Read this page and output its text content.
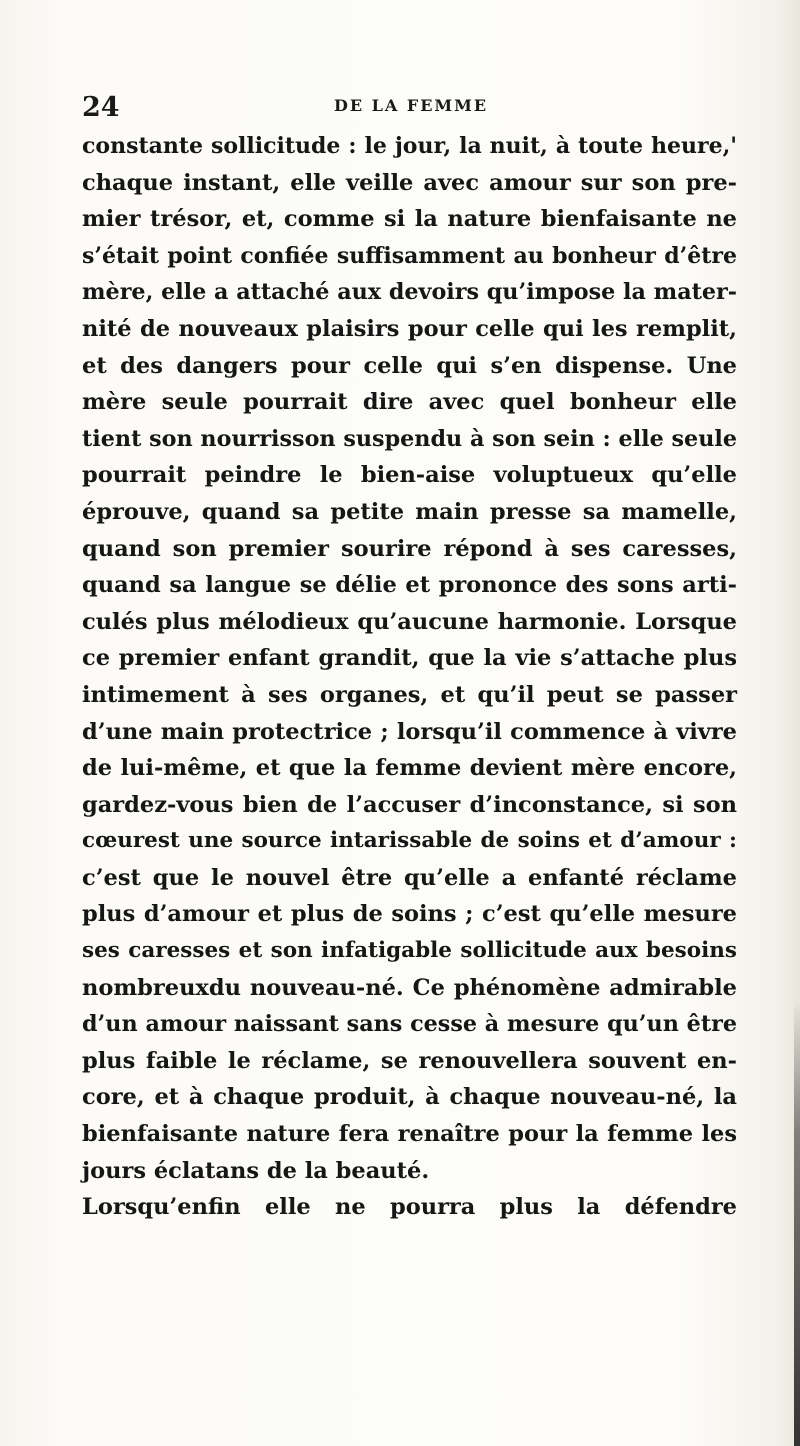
24	DE LA FEMME
constante sollicitude : le jour, la nuit, à toute heure,'
chaque instant, elle veille avec amour sur son pre-
mier trésor, et, comme si la nature bienfaisante ne
s’était point confiée suffisamment au bonheur d’être
mère, elle a attaché aux devoirs qu’impose la mater-
nité de nouveaux plaisirs pour celle qui les remplit,
et des dangers pour celle qui s’en dispense. Une
mère seule pourrait dire avec quel bonheur elle
tient son nourrisson suspendu à son sein : elle seule
pourrait peindre le bien-aise voluptueux qu’elle
éprouve, quand sa petite main presse sa mamelle,
quand son premier sourire répond à ses caresses,
quand sa langue se délie et prononce des sons arti-
culés plus mélodieux qu’aucune harmonie. Lorsque
ce premier enfant grandit, que la vie s’attache plus
intimement à ses organes, et qu’il peut se passer
d’une main protectrice ; lorsqu’il commence à vivre
de lui-même, et que la femme devient mère encore,
gardez-vous bien de l’accuser d’inconstance, si son
cœurest une source intarissable de soins et d’amour :
c’est que le nouvel être qu’elle a enfanté réclame
plus d’amour et plus de soins ; c’est qu’elle mesure
ses caresses et son infatigable sollicitude aux besoins
nombreuxdu nouveau-né. Ce phénomène admirable
d’un amour naissant sans cesse à mesure qu’un être
plus faible le réclame, se renouvellera souvent en-
core, et à chaque produit, à chaque nouveau-né, la
bienfaisante nature fera renaître pour la femme les
jours éclatans de la beauté.
Lorsqu’enfin elle ne pourra plus la défendre
